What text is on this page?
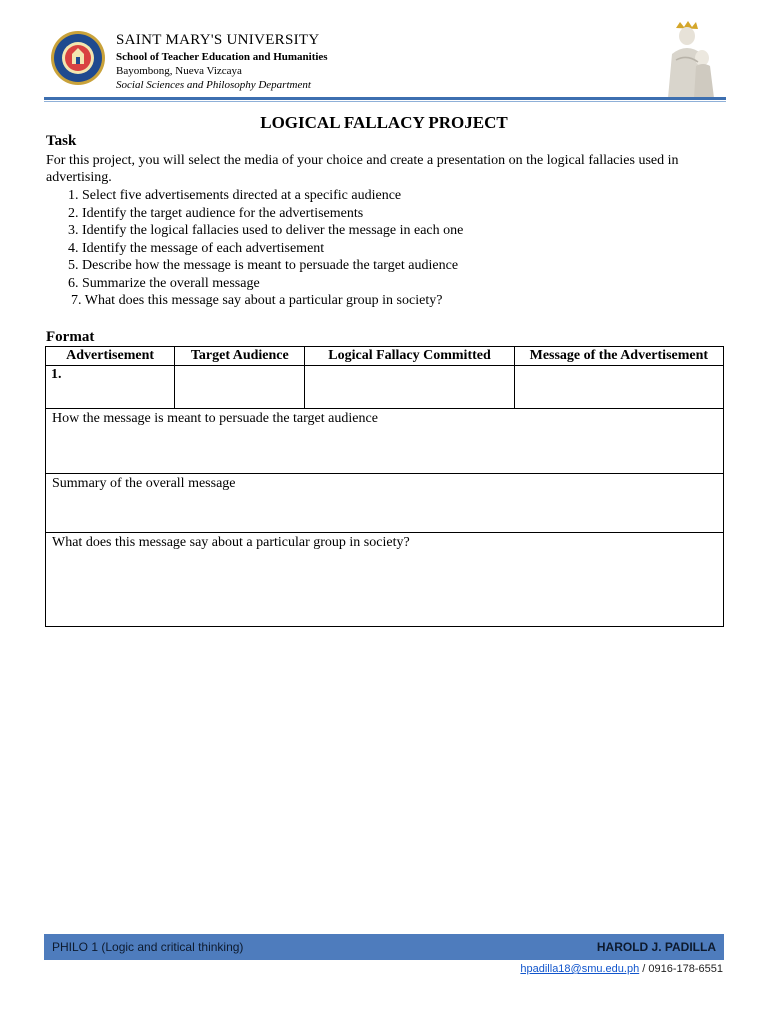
SAINT MARY'S UNIVERSITY
School of Teacher Education and Humanities
Bayombong, Nueva Vizcaya
Social Sciences and Philosophy Department
LOGICAL FALLACY PROJECT
Task
For this project, you will select the media of your choice and create a presentation on the logical fallacies used in advertising.
1. Select five advertisements directed at a specific audience
2. Identify the target audience for the advertisements
3. Identify the logical fallacies used to deliver the message in each one
4. Identify the message of each advertisement
5. Describe how the message is meant to persuade the target audience
6. Summarize the overall message
7. What does this message say about a particular group in society?
Format
Advertisement	Target Audience	Logical Fallacy Committed	Message of the Advertisement
1.			
How the message is meant to persuade the target audience			
Summary of the overall message			
What does this message say about a particular group in society?			
PHILO 1 (Logic and critical thinking)	HAROLD J. PADILLA
hpadilla18@smu.edu.ph / 0916-178-6551
